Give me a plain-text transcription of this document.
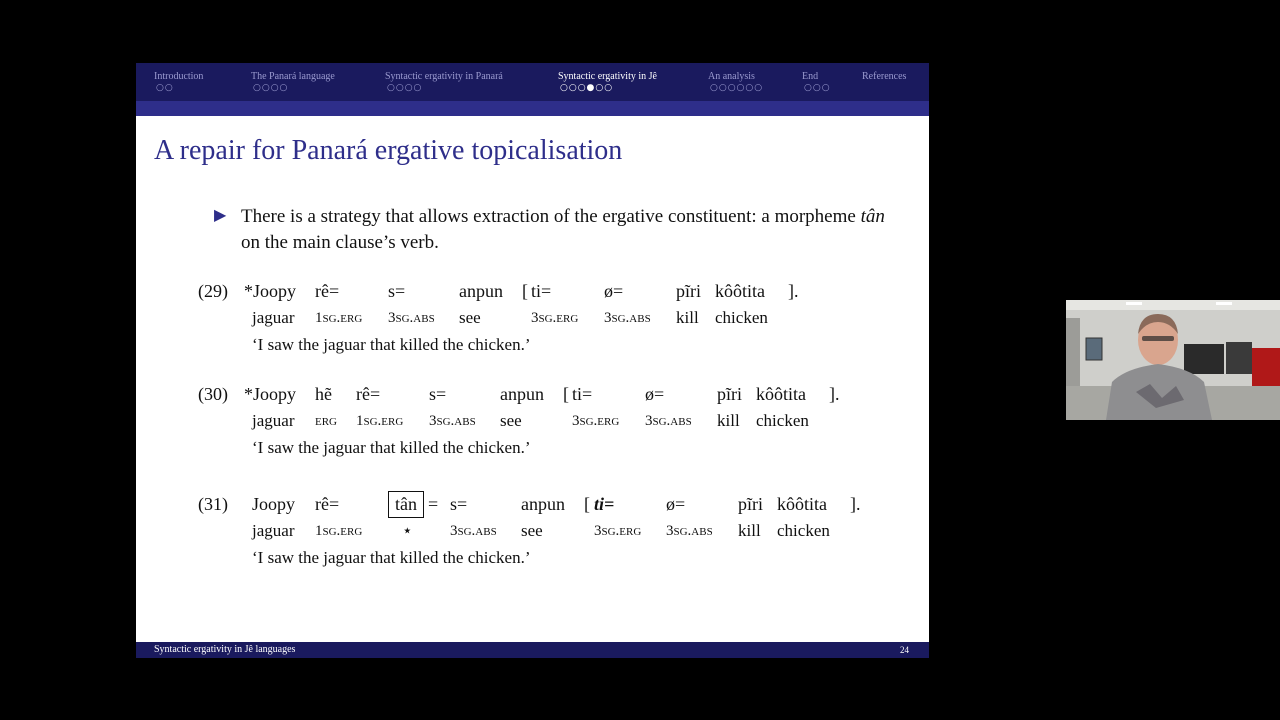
Introduction
○○
The Panará language
○○○○
Syntactic ergativity in Panará
○○○○
Syntactic ergativity in Jê
○○○●○○
An analysis
○○○○○○
End
○○○
References
A repair for Panará ergative topicalisation
▶ There is a strategy that allows extraction of the ergative constituent: a morpheme tân on the main clause’s verb.
(29) *Joopy rê=	s=	anpun [ ti=	ø=	pĩri kôôtita ].
jaguar 1sg.erg 3sg.abs see	3sg.erg 3sg.abs kill chicken
‘I saw the jaguar that killed the chicken.’
(30) *Joopy hẽ rê=	s=	anpun [ ti=	ø=	pĩri kôôtita ].
jaguar erg 1sg.erg 3sg.abs see	3sg.erg 3sg.abs kill chicken
‘I saw the jaguar that killed the chicken.’
(31) Joopy rê=	tân = s=	anpun [ ti=	ø=	pĩri kôôtita ].
jaguar 1sg.erg ⋆ 3sg.abs see	3sg.erg 3sg.abs kill chicken
‘I saw the jaguar that killed the chicken.’
Syntactic ergativity in Jê languages	24
